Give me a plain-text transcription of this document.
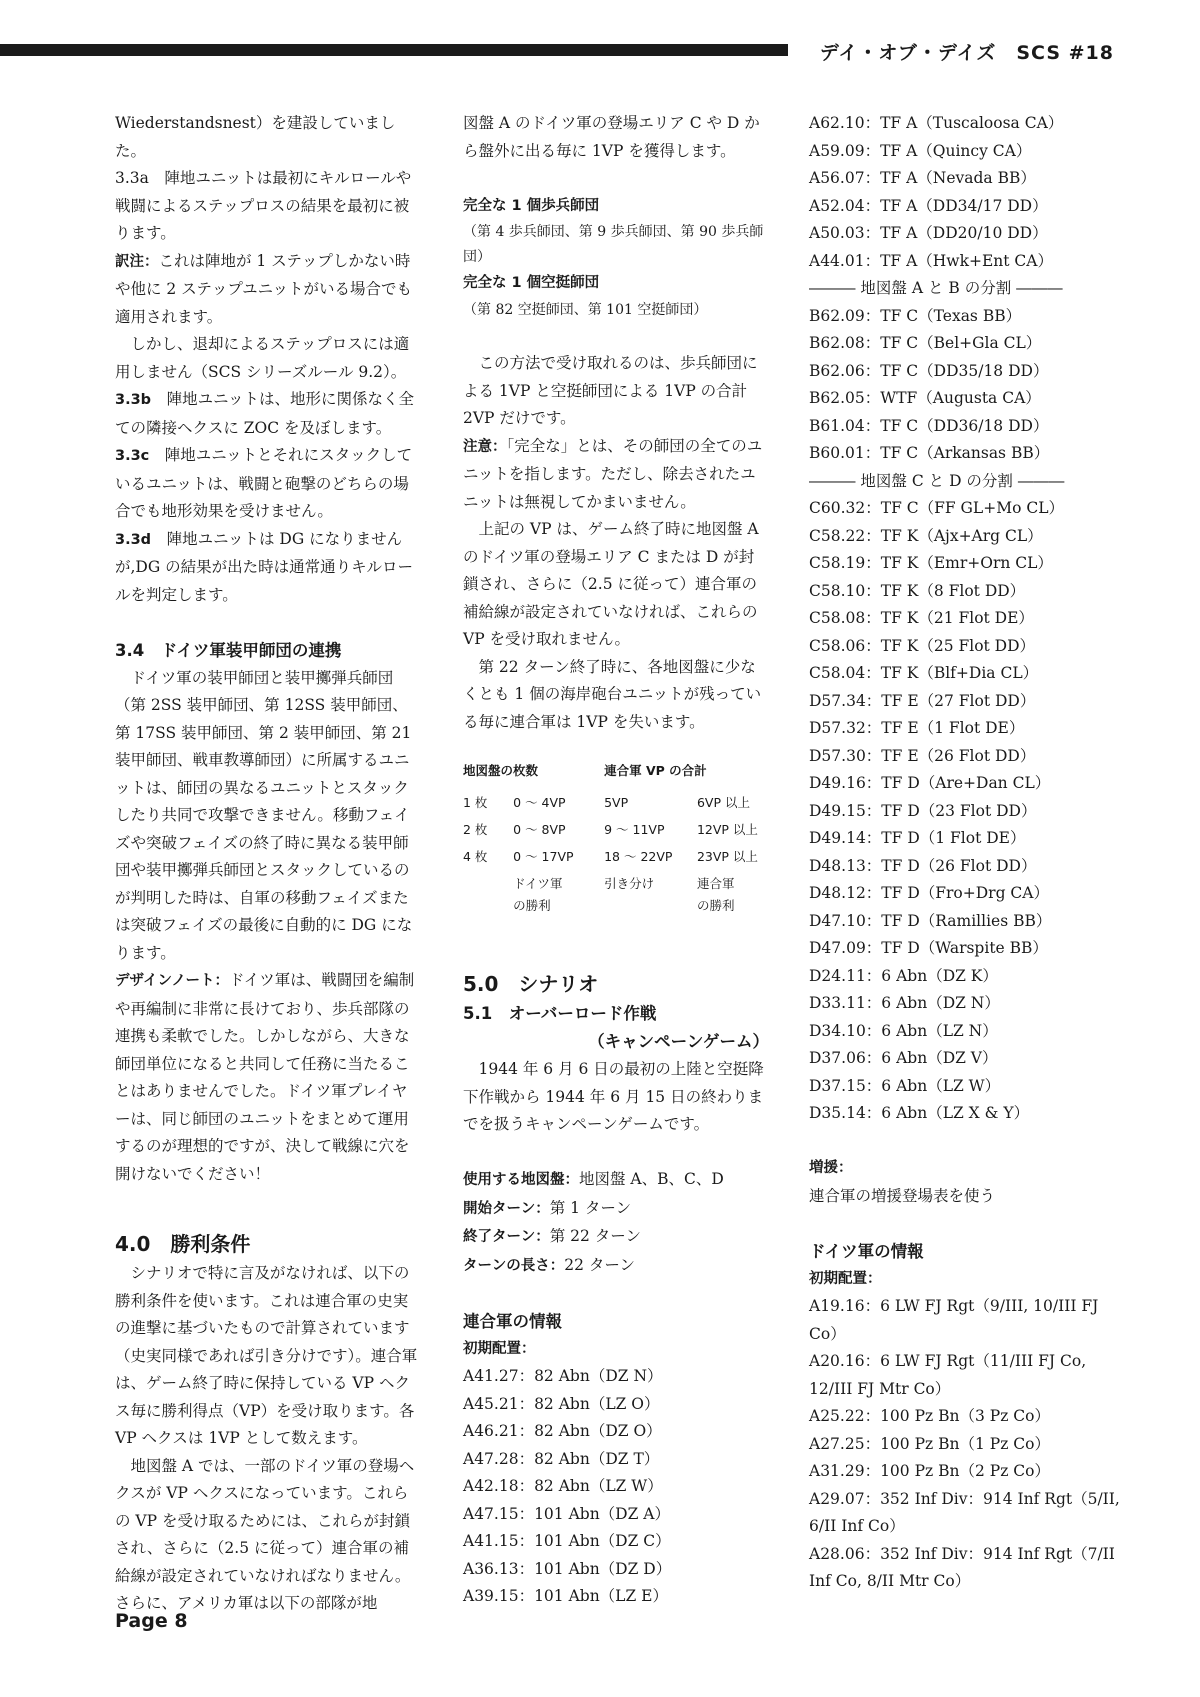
デイ・オブ・デイズ　SCS #18

Wiederstandsnest）を建設していました。

3.3a　陣地ユニットは最初にキルロールや戦闘によるステップロスの結果を最初に被ります。

訳注：これは陣地が 1 ステップしかない時や他に 2 ステップユニットがいる場合でも適用されます。

しかし、退却によるステップロスには適用しません（SCS シリーズルール 9.2）。

3.3b　陣地ユニットは、地形に関係なく全ての隣接ヘクスに ZOC を及ぼします。

3.3c　陣地ユニットとそれにスタックしているユニットは、戦闘と砲撃のどちらの場合でも地形効果を受けません。

3.3d　陣地ユニットは DG になりませんが,DG の結果が出た時は通常通りキルロールを判定します。

3.4　ドイツ軍装甲師団の連携

ドイツ軍の装甲師団と装甲擲弾兵師団（第 2SS 装甲師団、第 12SS 装甲師団、第 17SS 装甲師団、第 2 装甲師団、第 21 装甲師団、戦車教導師団）に所属するユニットは、師団の異なるユニットとスタックしたり共同で攻撃できません。移動フェイズや突破フェイズの終了時に異なる装甲師団や装甲擲弾兵師団とスタックしているのが判明した時は、自軍の移動フェイズまたは突破フェイズの最後に自動的に DG になります。

デザインノート：ドイツ軍は、戦闘団を編制や再編制に非常に長けており、歩兵部隊の連携も柔軟でした。しかしながら、大きな師団単位になると共同して任務に当たることはありませんでした。ドイツ軍プレイヤーは、同じ師団のユニットをまとめて運用するのが理想的ですが、決して戦線に穴を開けないでください！

4.0　勝利条件

シナリオで特に言及がなければ、以下の勝利条件を使います。これは連合軍の史実の進撃に基づいたもので計算されています（史実同様であれば引き分けです）。連合軍は、ゲーム終了時に保持している VP ヘクス毎に勝利得点（VP）を受け取ります。各 VP ヘクスは 1VP として数えます。

地図盤 A では、一部のドイツ軍の登場ヘクスが VP ヘクスになっています。これらの VP を受け取るためには、これらが封鎖され、さらに（2.5 に従って）連合軍の補給線が設定されていなければなりません。さらに、アメリカ軍は以下の部隊が地

図盤 A のドイツ軍の登場エリア C や D から盤外に出る毎に 1VP を獲得します。

完全な 1 個歩兵師団

（第 4 歩兵師団、第 9 歩兵師団、第 90 歩兵師団）

完全な 1 個空挺師団

（第 82 空挺師団、第 101 空挺師団）

この方法で受け取れるのは、歩兵師団による 1VP と空挺師団による 1VP の合計 2VP だけです。

注意：「完全な」とは、その師団の全てのユニットを指します。ただし、除去されたユニットは無視してかまいません。

上記の VP は、ゲーム終了時に地図盤 A のドイツ軍の登場エリア C または D が封鎖され、さらに（2.5 に従って）連合軍の補給線が設定されていなければ、これらの VP を受け取れません。

第 22 ターン終了時に、各地図盤に少なくとも 1 個の海岸砲台ユニットが残っている毎に連合軍は 1VP を失います。

地図盤の枚数		連合軍 VP の合計	
1 枚	0 ～ 4VP	5VP	6VP 以上
2 枚	0 ～ 8VP	9 ～ 11VP	12VP 以上
4 枚	0 ～ 17VP	18 ～ 22VP	23VP 以上
	ドイツ軍
の勝利	引き分け	連合軍
の勝利

5.0　シナリオ

5.1　オーバーロード作戦

（キャンペーンゲーム）

1944 年 6 月 6 日の最初の上陸と空挺降下作戦から 1944 年 6 月 15 日の終わりまでを扱うキャンペーンゲームです。

使用する地図盤：地図盤 A、B、C、D

開始ターン：第 1 ターン

終了ターン：第 22 ターン

ターンの長さ：22 ターン

連合軍の情報

初期配置：

A41.27：82 Abn（DZ N）

A45.21：82 Abn（LZ O）

A46.21：82 Abn（DZ O）

A47.28：82 Abn（DZ T）

A42.18：82 Abn（LZ W）

A47.15：101 Abn（DZ A）

A41.15：101 Abn（DZ C）

A36.13：101 Abn（DZ D）

A39.15：101 Abn（LZ E）

A62.10：TF A（Tuscaloosa CA）

A59.09：TF A（Quincy CA）

A56.07：TF A（Nevada BB）

A52.04：TF A（DD34/17 DD）

A50.03：TF A（DD20/10 DD）

A44.01：TF A（Hwk+Ent CA）

――― 地図盤 A と B の分割 ―――

B62.09：TF C（Texas BB）

B62.08：TF C（Bel+Gla CL）

B62.06：TF C（DD35/18 DD）

B62.05：WTF（Augusta CA）

B61.04：TF C（DD36/18 DD）

B60.01：TF C（Arkansas BB）

――― 地図盤 C と D の分割 ―――

C60.32：TF C（FF GL+Mo CL）

C58.22：TF K（Ajx+Arg CL）

C58.19：TF K（Emr+Orn CL）

C58.10：TF K（8 Flot DD）

C58.08：TF K（21 Flot DE）

C58.06：TF K（25 Flot DD）

C58.04：TF K（Blf+Dia CL）

D57.34：TF E（27 Flot DD）

D57.32：TF E（1 Flot DE）

D57.30：TF E（26 Flot DD）

D49.16：TF D（Are+Dan CL）

D49.15：TF D（23 Flot DD）

D49.14：TF D（1 Flot DE）

D48.13：TF D（26 Flot DD）

D48.12：TF D（Fro+Drg CA）

D47.10：TF D（Ramillies BB）

D47.09：TF D（Warspite BB）

D24.11：6 Abn（DZ K）

D33.11：6 Abn（DZ N）

D34.10：6 Abn（LZ N）

D37.06：6 Abn（DZ V）

D37.15：6 Abn（LZ W）

D35.14：6 Abn（LZ X & Y）

増援：

連合軍の増援登場表を使う

ドイツ軍の情報

初期配置：

A19.16：6 LW FJ Rgt（9/III, 10/III FJ Co）

A20.16：6 LW FJ Rgt（11/III FJ Co, 12/III FJ Mtr Co）

A25.22：100 Pz Bn（3 Pz Co）

A27.25：100 Pz Bn（1 Pz Co）

A31.29：100 Pz Bn（2 Pz Co）

A29.07：352 Inf Div：914 Inf Rgt（5/II, 6/II Inf Co）

A28.06：352 Inf Div：914 Inf Rgt（7/II Inf Co, 8/II Mtr Co）

Page 8
